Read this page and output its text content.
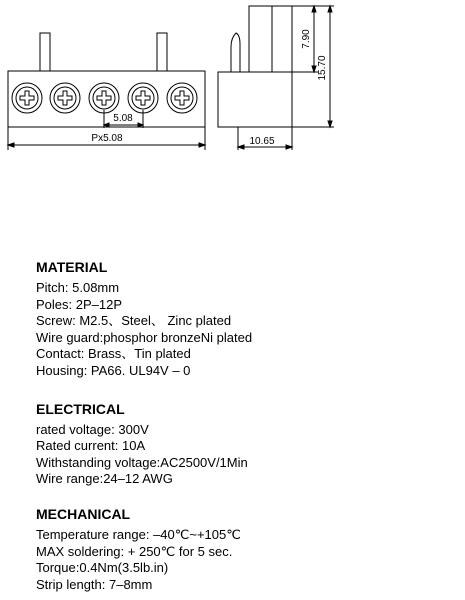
5.08
Px5.08	10.65
7.90
15.70

MATERIAL

Pitch: 5.08mm

Poles: 2P–12P

Screw: M2.5、Steel、 Zinc plated

Wire guard:phosphor bronzeNi plated

Contact: Brass、Tin plated

Housing: PA66. UL94V – 0

ELECTRICAL

rated voltage: 300V

Rated current: 10A

Withstanding voltage:AC2500V/1Min

Wire range:24–12 AWG

MECHANICAL

Temperature range: –40℃~+105℃

MAX soldering: + 250℃ for 5 sec.

Torque:0.4Nm(3.5lb.in)

Strip length: 7–8mm
